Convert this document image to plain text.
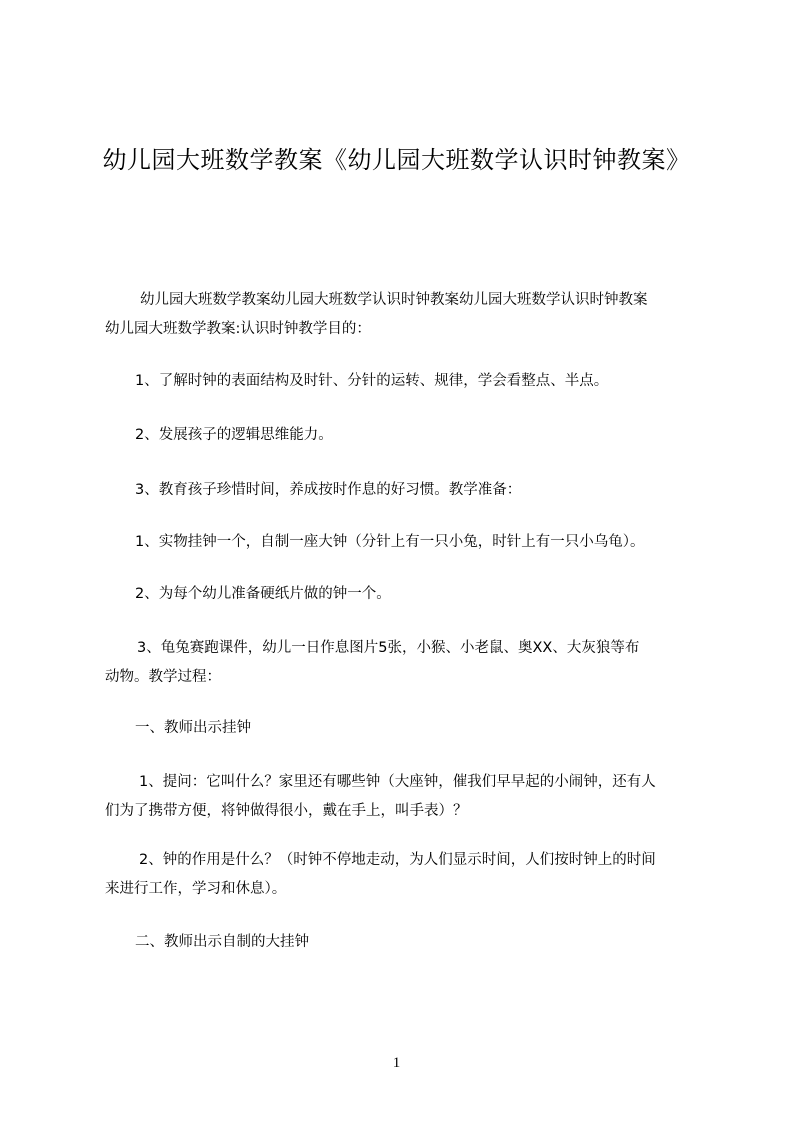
幼儿园大班数学教案《幼儿园大班数学认识时钟教案》
幼儿园大班数学教案幼儿园大班数学认识时钟教案幼儿园大班数学认识时钟教案
幼儿园大班数学教案:认识时钟教学目的：
1、了解时钟的表面结构及时针、分针的运转、规律，学会看整点、半点。
2、发展孩子的逻辑思维能力。
3、教育孩子珍惜时间，养成按时作息的好习惯。教学准备：
1、实物挂钟一个，自制一座大钟（分针上有一只小兔，时针上有一只小乌龟）。
2、为每个幼儿准备硬纸片做的钟一个。
3、龟兔赛跑课件，幼儿一日作息图片5张，小猴、小老鼠、奥XX、大灰狼等布
动物。教学过程：
一、教师出示挂钟
1、提问：它叫什么？家里还有哪些钟（大座钟，催我们早早起的小闹钟，还有人
们为了携带方便，将钟做得很小，戴在手上，叫手表）？
2、钟的作用是什么？（时钟不停地走动，为人们显示时间，人们按时钟上的时间
来进行工作，学习和休息）。
二、教师出示自制的大挂钟
1
